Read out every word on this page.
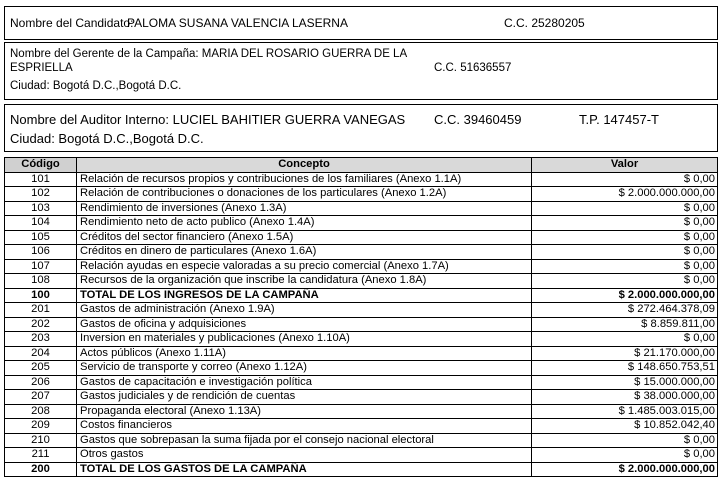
Nombre del Candidato:
PALOMA SUSANA VALENCIA LASERNA	C.C. 25280205
Nombre del Gerente de la Campaña: MARIA DEL ROSARIO GUERRA DE LA
ESPRIELLA	C.C. 51636557
Ciudad: Bogotá D.C.,Bogotá D.C.
Nombre del Auditor Interno: LUCIEL BAHITIER GUERRA VANEGAS C.C. 39460459	T.P. 147457-T
Ciudad: Bogotá D.C.,Bogotá D.C.
Código	Concepto	Valor
101	Relación de recursos propios y contribuciones de los familiares (Anexo 1.1A)	$ 0,00
102	Relación de contribuciones o donaciones de los particulares (Anexo 1.2A)	$ 2.000.000.000,00
103	Rendimiento de inversiones (Anexo 1.3A)	$ 0,00
104	Rendimiento neto de acto publico (Anexo 1.4A)	$ 0,00
105	Créditos del sector financiero (Anexo 1.5A)	$ 0,00
106	Créditos en dinero de particulares (Anexo 1.6A)	$ 0,00
107	Relación ayudas en especie valoradas a su precio comercial (Anexo 1.7A)	$ 0,00
108	Recursos de la organización que inscribe la candidatura (Anexo 1.8A)	$ 0,00
100	TOTAL DE LOS INGRESOS DE LA CAMPAÑA	$ 2.000.000.000,00
201	Gastos de administración (Anexo 1.9A)	$ 272.464.378,09
202	Gastos de oficina y adquisiciones	$ 8.859.811,00
203	Inversion en materiales y publicaciones (Anexo 1.10A)	$ 0,00
204	Actos públicos (Anexo 1.11A)	$ 21.170.000,00
205	Servicio de transporte y correo (Anexo 1.12A)	$ 148.650.753,51
206	Gastos de capacitación e investigación política	$ 15.000.000,00
207	Gastos judiciales y de rendición de cuentas	$ 38.000.000,00
208	Propaganda electoral (Anexo 1.13A)	$ 1.485.003.015,00
209	Costos financieros	$ 10.852.042,40
210	Gastos que sobrepasan la suma fijada por el consejo nacional electoral	$ 0,00
211	Otros gastos	$ 0,00
200	TOTAL DE LOS GASTOS DE LA CAMPAÑA	$ 2.000.000.000,00
